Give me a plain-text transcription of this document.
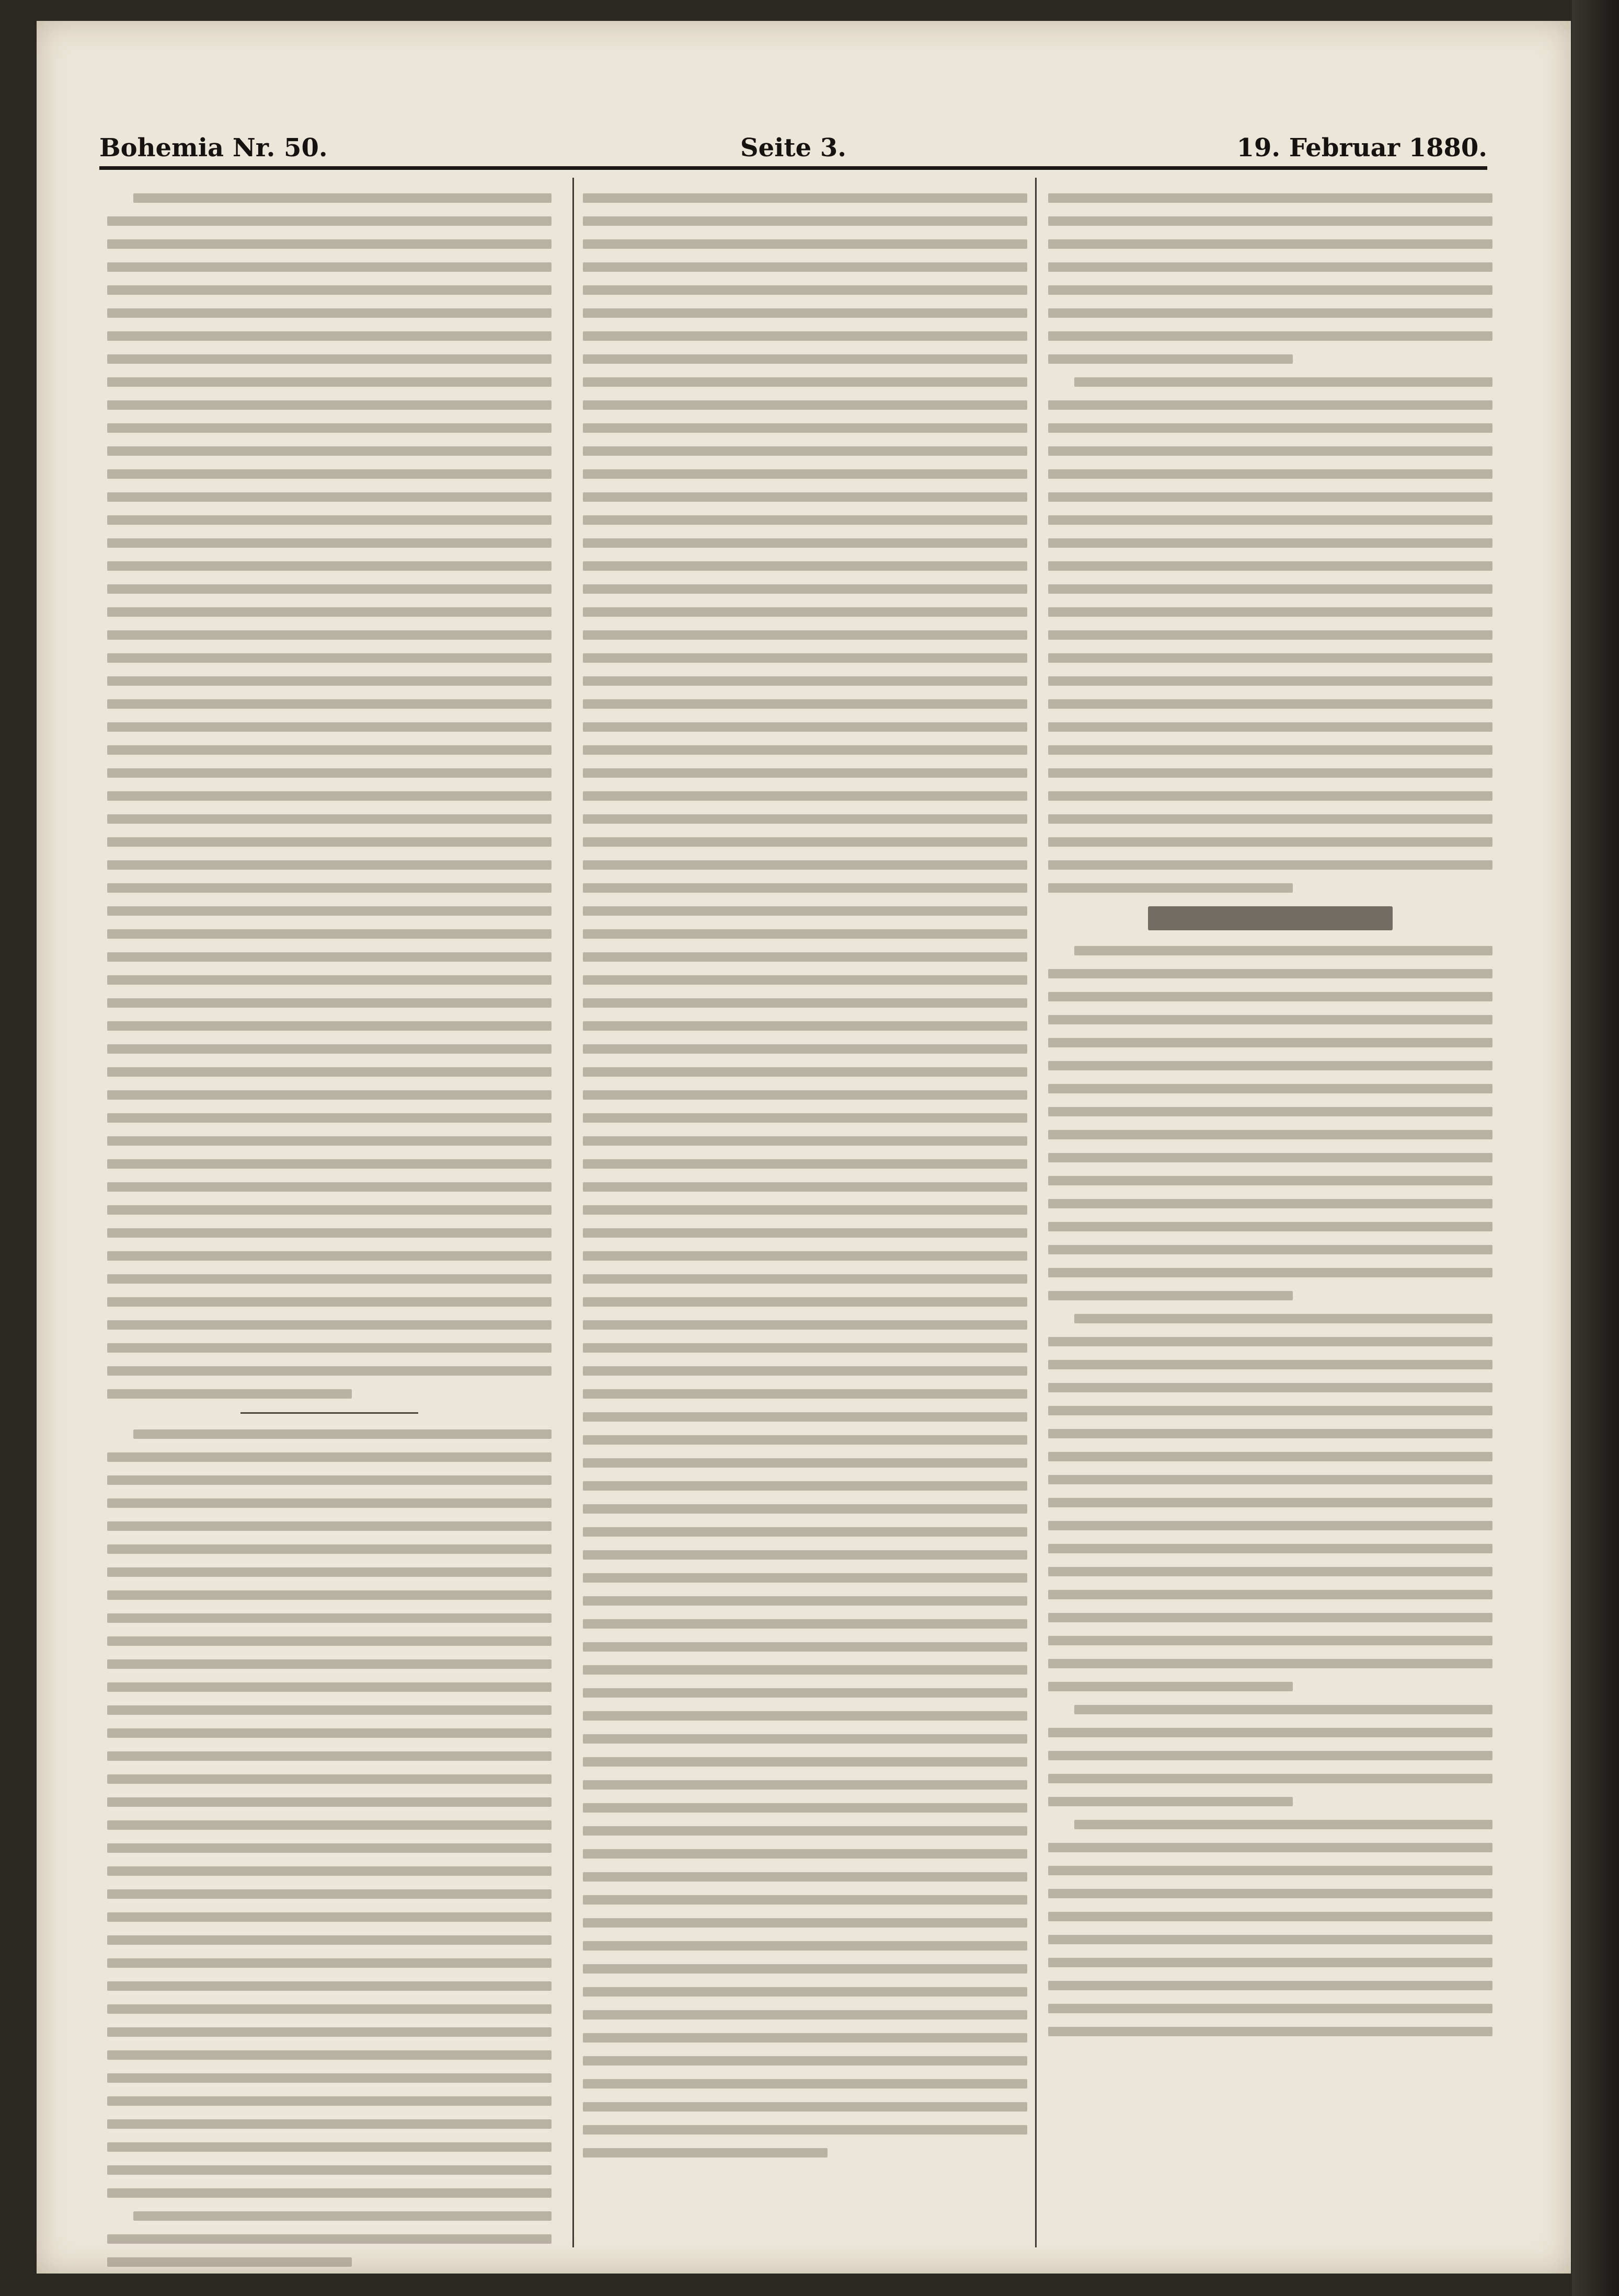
Bohemia Nr. 50.	Seite 3.	19. Februar 1880.
